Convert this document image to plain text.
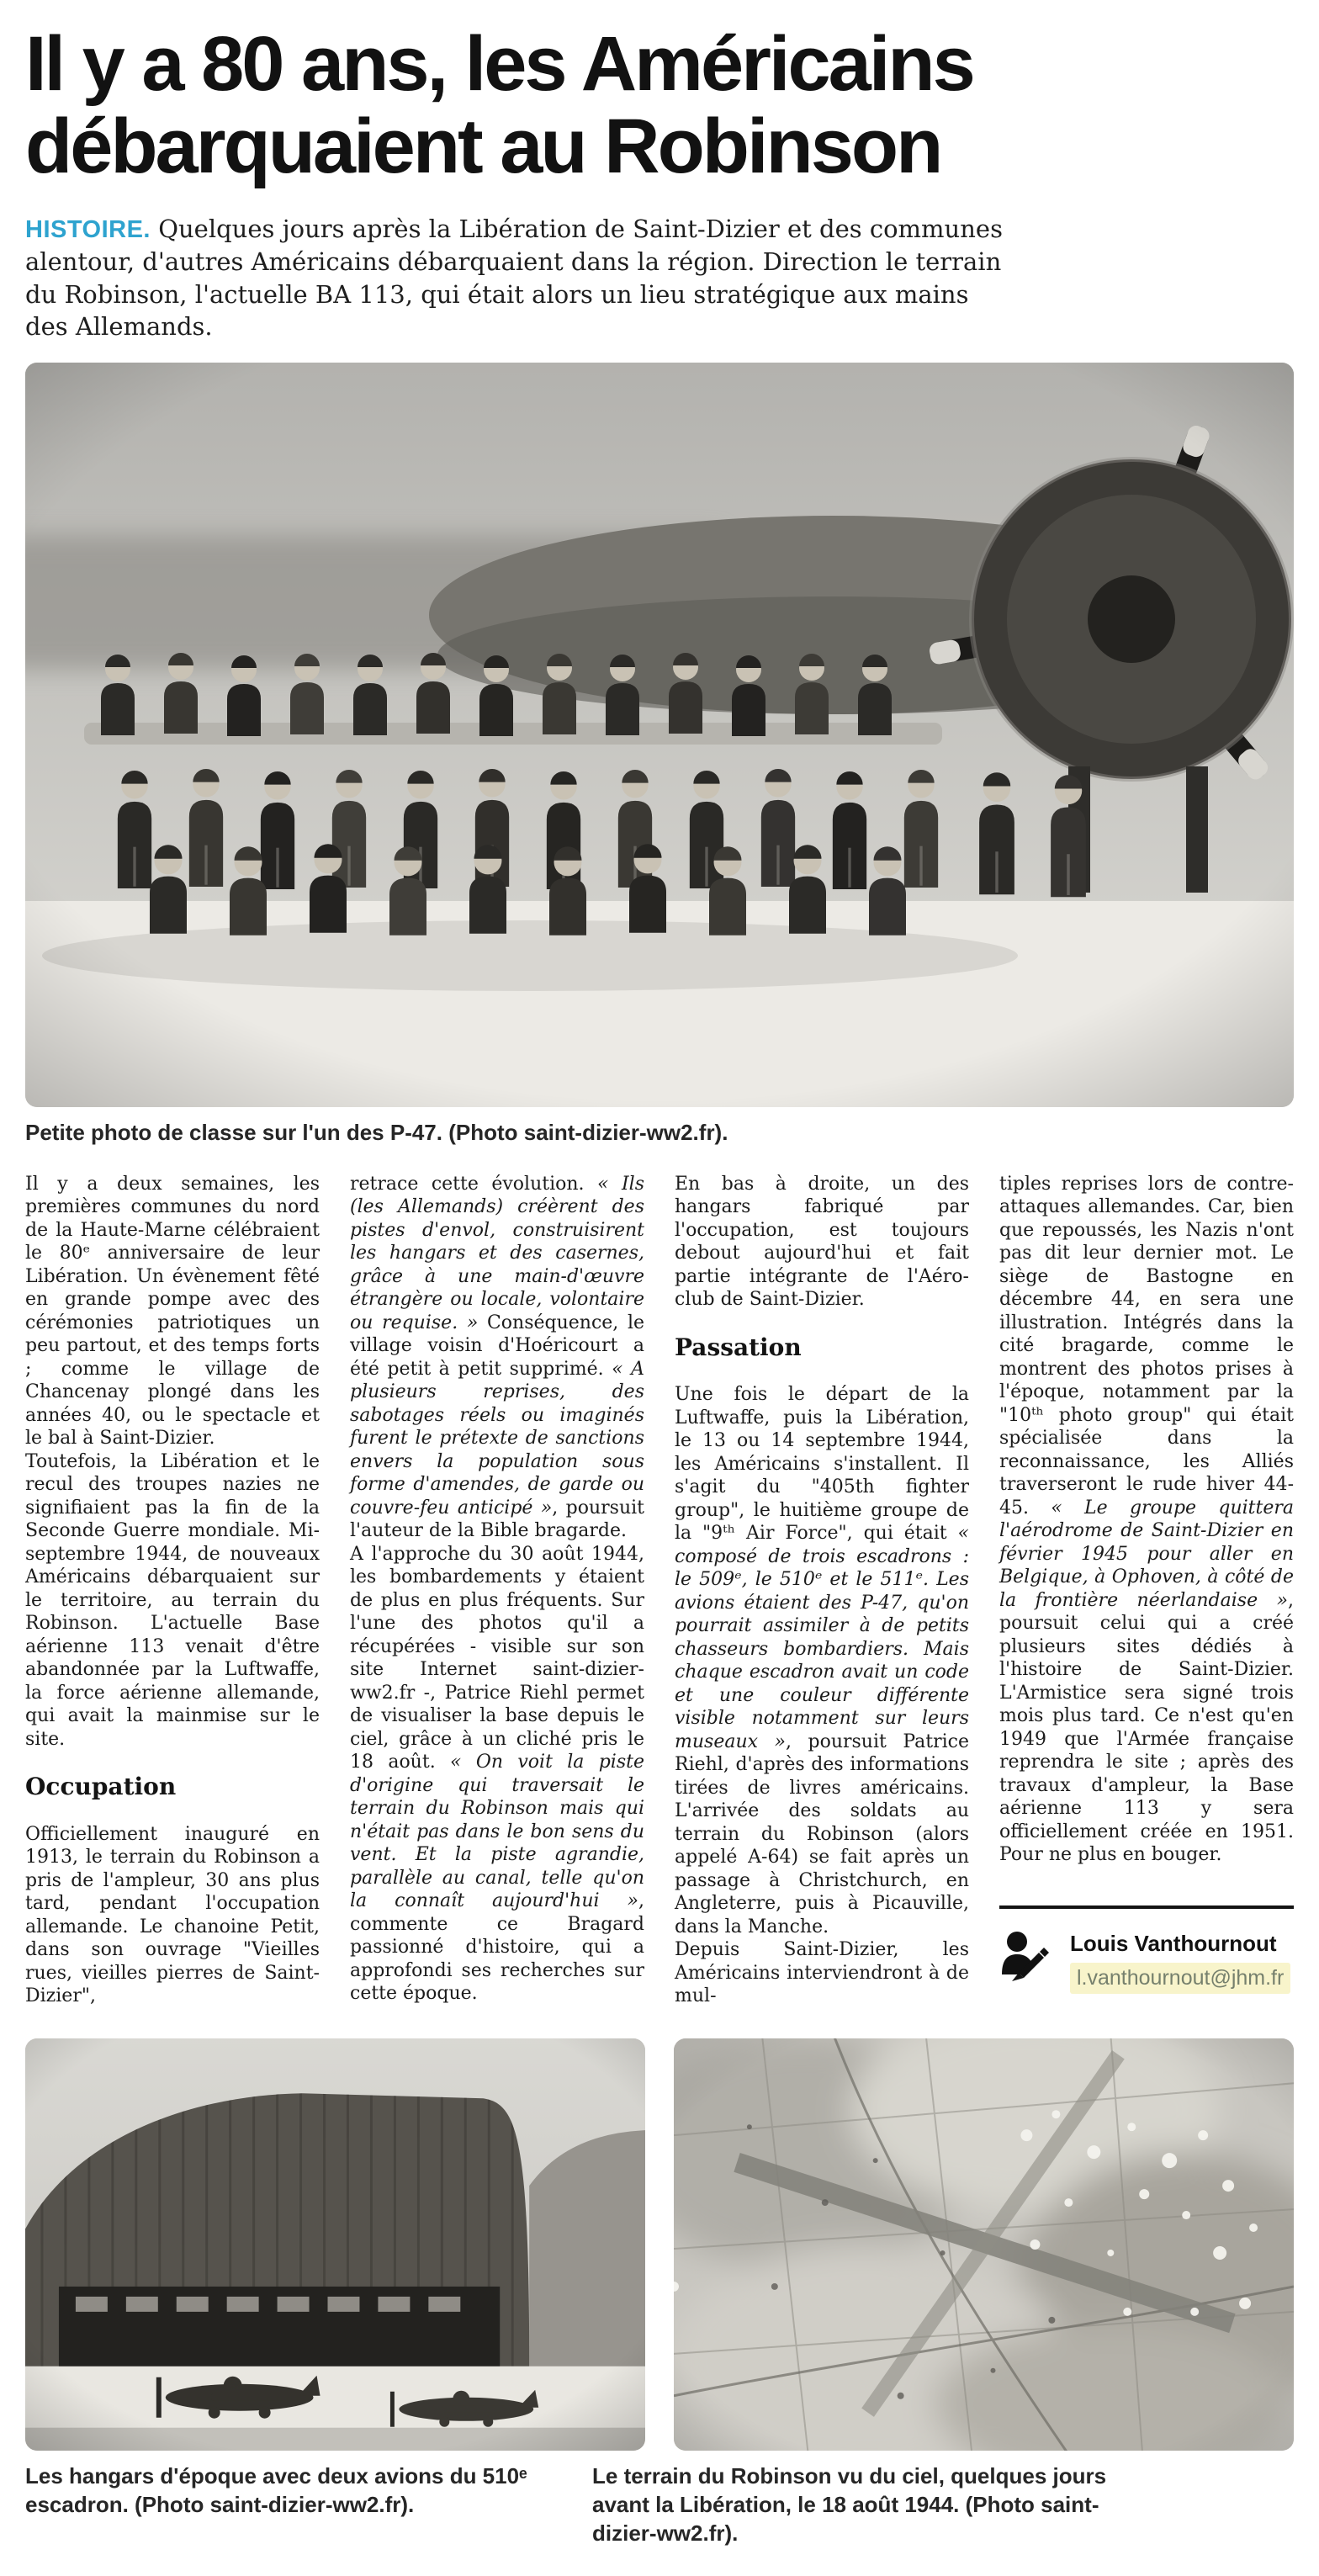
Il y a 80 ans, les Américains débarquaient au Robinson

HISTOIRE. Quelques jours après la Libération de Saint-Dizier et des communes alentour, d'autres Américains débarquaient dans la région. Direction le terrain du Robinson, l'actuelle BA 113, qui était alors un lieu stratégique aux mains des Allemands.

Petite photo de classe sur l'un des P-47. (Photo saint-dizier-ww2.fr).

Il y a deux semaines, les premières communes du nord de la Haute-Marne célébraient le 80ᵉ anniversaire de leur Libération. Un évènement fêté en grande pompe avec des cérémonies patriotiques un peu partout, et des temps forts ; comme le village de Chancenay plongé dans les années 40, ou le spectacle et le bal à Saint-Dizier.

Toutefois, la Libération et le recul des troupes nazies ne signifiaient pas la fin de la Seconde Guerre mondiale. Mi-septembre 1944, de nouveaux Américains débarquaient sur le territoire, au terrain du Robinson. L'actuelle Base aérienne 113 venait d'être abandonnée par la Luftwaffe, la force aérienne allemande, qui avait la mainmise sur le site.

Occupation

Officiellement inauguré en 1913, le terrain du Robinson a pris de l'ampleur, 30 ans plus tard, pendant l'occupation allemande. Le chanoine Petit, dans son ouvrage "Vieilles rues, vieilles pierres de Saint-Dizier",

retrace cette évolution. « Ils (les Allemands) créèrent des pistes d'envol, construisirent les hangars et des casernes, grâce à une main-d'œuvre étrangère ou locale, volontaire ou requise. » Conséquence, le village voisin d'Hoéricourt a été petit à petit supprimé. « A plusieurs reprises, des sabotages réels ou imaginés furent le prétexte de sanctions envers la population sous forme d'amendes, de garde ou couvre-feu anticipé », poursuit l'auteur de la Bible bragarde.

A l'approche du 30 août 1944, les bombardements y étaient de plus en plus fréquents. Sur l'une des photos qu'il a récupérées - visible sur son site Internet saint-dizier-ww2.fr -, Patrice Riehl permet de visualiser la base depuis le ciel, grâce à un cliché pris le 18 août. « On voit la piste d'origine qui traversait le terrain du Robinson mais qui n'était pas dans le bon sens du vent. Et la piste agrandie, parallèle au canal, telle qu'on la connaît aujourd'hui », commente ce Bragard passionné d'histoire, qui a approfondi ses recherches sur cette époque.

En bas à droite, un des hangars fabriqué par l'occupation, est toujours debout aujourd'hui et fait partie intégrante de l'Aéro-club de Saint-Dizier.

Passation

Une fois le départ de la Luftwaffe, puis la Libération, le 13 ou 14 septembre 1944, les Américains s'installent. Il s'agit du "405th fighter group", le huitième groupe de la "9ᵗʰ Air Force", qui était « composé de trois escadrons : le 509ᵉ, le 510ᵉ et le 511ᵉ. Les avions étaient des P-47, qu'on pourrait assimiler à de petits chasseurs bombardiers. Mais chaque escadron avait un code et une couleur différente visible notamment sur leurs museaux », poursuit Patrice Riehl, d'après des informations tirées de livres américains. L'arrivée des soldats au terrain du Robinson (alors appelé A-64) se fait après un passage à Christchurch, en Angleterre, puis à Picauville, dans la Manche.

Depuis Saint-Dizier, les Américains interviendront à de mul-

tiples reprises lors de contre-attaques allemandes. Car, bien que repoussés, les Nazis n'ont pas dit leur dernier mot. Le siège de Bastogne en décembre 44, en sera une illustration. Intégrés dans la cité bragarde, comme le montrent des photos prises à l'époque, notamment par la "10ᵗʰ photo group" qui était spécialisée dans la reconnaissance, les Alliés traverseront le rude hiver 44-45. « Le groupe quittera l'aérodrome de Saint-Dizier en février 1945 pour aller en Belgique, à Ophoven, à côté de la frontière néerlandaise », poursuit celui qui a créé plusieurs sites dédiés à l'histoire de Saint-Dizier. L'Armistice sera signé trois mois plus tard. Ce n'est qu'en 1949 que l'Armée française reprendra le site ; après des travaux d'ampleur, la Base aérienne 113 y sera officiellement créée en 1951. Pour ne plus en bouger.

Louis Vanthournout
l.vanthournout@jhm.fr
Les hangars d'époque avec deux avions du 510ᵉ escadron. (Photo saint-dizier-ww2.fr).
Le terrain du Robinson vu du ciel, quelques jours avant la Libération, le 18 août 1944. (Photo saint-dizier-ww2.fr).
